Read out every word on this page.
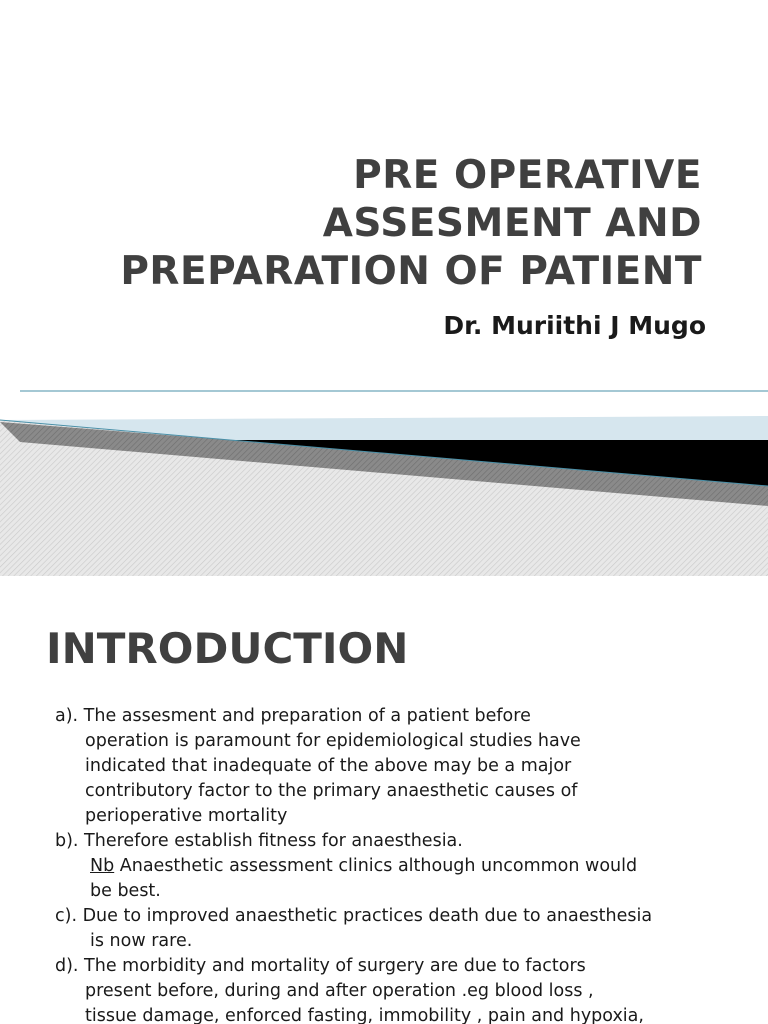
PRE OPERATIVE
ASSESMENT AND
PREPARATION OF PATIENT

Dr. Muriithi J Mugo

INTRODUCTION

a). The assesment and preparation of a patient before
operation is paramount for epidemiological studies have
indicated that inadequate of the above may be a major
contributory factor to the primary anaesthetic causes of
perioperative mortality

b). Therefore establish fitness for anaesthesia.
Nb Anaesthetic assessment clinics although uncommon would
be best.

c). Due to improved anaesthetic practices death due to anaesthesia
is now rare.

d). The morbidity and mortality of surgery are due to factors
present before, during and after operation .eg blood loss ,
tissue damage, enforced fasting, immobility , pain and hypoxia,
